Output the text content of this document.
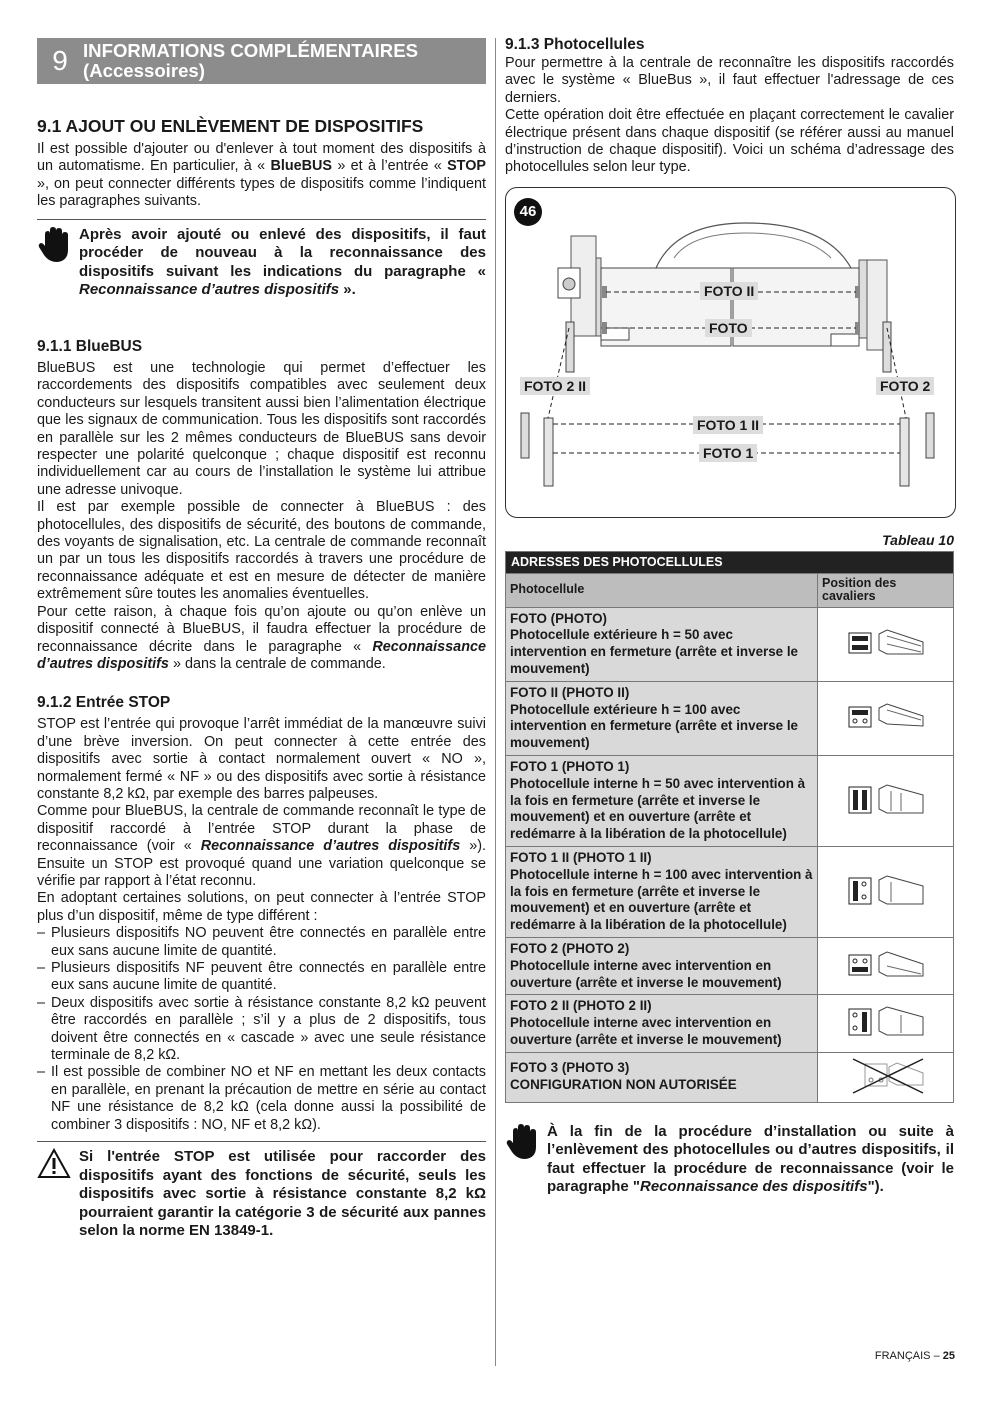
9 INFORMATIONS COMPLÉMENTAIRES
(Accessoires)
9.1 AJOUT OU ENLÈVEMENT DE DISPOSITIFS

Il est possible d'ajouter ou d'enlever à tout moment des dispositifs à un automatisme. En particulier, à « BlueBUS » et à l’entrée « STOP », on peut connecter différents types de dispositifs comme l’indiquent les paragraphes suivants.

Après avoir ajouté ou enlevé des dispositifs, il faut procéder de nouveau à la reconnaissance des dispositifs suivant les indications du paragraphe « Reconnaissance d’autres dispositifs ».
9.1.1 BlueBUS

BlueBUS est une technologie qui permet d’effectuer les raccordements des dispositifs compatibles avec seulement deux conducteurs sur lesquels transitent aussi bien l’alimentation électrique que les signaux de communication. Tous les dispositifs sont raccordés en parallèle sur les 2 mêmes conducteurs de BlueBUS sans devoir respecter une polarité quelconque ; chaque dispositif est reconnu individuellement car au cours de l’installation le système lui attribue une adresse univoque.

Il est par exemple possible de connecter à BlueBUS : des photocellules, des dispositifs de sécurité, des boutons de commande, des voyants de signalisation, etc. La centrale de commande reconnaît un par un tous les dispositifs raccordés à travers une procédure de reconnaissance adéquate et est en mesure de détecter de manière extrêmement sûre toutes les anomalies éventuelles.

Pour cette raison, à chaque fois qu’on ajoute ou qu’on enlève un dispositif connecté à BlueBUS, il faudra effectuer la procédure de reconnaissance décrite dans le paragraphe « Reconnaissance d’autres dispositifs » dans la centrale de commande.

9.1.2 Entrée STOP

STOP est l’entrée qui provoque l’arrêt immédiat de la manœuvre suivi d’une brève inversion. On peut connecter à cette entrée des dispositifs avec sortie à contact normalement ouvert « NO », normalement fermé « NF » ou des dispositifs avec sortie à résistance constante 8,2 kΩ, par exemple des barres palpeuses.

Comme pour BlueBUS, la centrale de commande reconnaît le type de dispositif raccordé à l’entrée STOP durant la phase de reconnaissance (voir « Reconnaissance d’autres dispositifs »). Ensuite un STOP est provoqué quand une variation quelconque se vérifie par rapport à l’état reconnu.

En adoptant certaines solutions, on peut connecter à l’entrée STOP plus d’un dispositif, même de type différent :

– Plusieurs dispositifs NO peuvent être connectés en parallèle entre eux sans aucune limite de quantité.
– Plusieurs dispositifs NF peuvent être connectés en parallèle entre eux sans aucune limite de quantité.
– Deux dispositifs avec sortie à résistance constante 8,2 kΩ peuvent être raccordés en parallèle ; s’il y a plus de 2 dispositifs, tous doivent être connectés en « cascade » avec une seule résistance terminale de 8,2 kΩ.
– Il est possible de combiner NO et NF en mettant les deux contacts en parallèle, en prenant la précaution de mettre en série au contact NF une résistance de 8,2 kΩ (cela donne aussi la possibilité de combiner 3 dispositifs : NO, NF et 8,2 kΩ).
Si l'entrée STOP est utilisée pour raccorder des dispositifs ayant des fonctions de sécurité, seuls les dispositifs avec sortie à résistance constante 8,2 kΩ pourraient garantir la catégorie 3 de sécurité aux pannes selon la norme EN 13849-1.
9.1.3 Photocellules

Pour permettre à la centrale de reconnaître les dispositifs raccordés avec le système « BlueBus », il faut effectuer l'adressage de ces derniers.

Cette opération doit être effectuée en plaçant correctement le cavalier électrique présent dans chaque dispositif (se référer aussi au manuel d’instruction de chaque dispositif). Voici un schéma d’adressage des photocellules selon leur type.

46
FOTO II
FOTO
FOTO 2 II	FOTO 2
FOTO 1 II
FOTO 1
Tableau 10
ADRESSES DES PHOTOCELLULES	
Photocellule	Position des cavaliers

FOTO (PHOTO)
Photocellule extérieure h = 50 avec intervention en fermeture (arrête et inverse le mouvement)

FOTO II (PHOTO II)
Photocellule extérieure h = 100 avec intervention en fermeture (arrête et inverse le mouvement)

FOTO 1 (PHOTO 1)
Photocellule interne h = 50 avec intervention à la fois en fermeture (arrête et inverse le mouvement) et en ouverture (arrête et redémarre à la libération de la photocellule)

FOTO 1 II (PHOTO 1 II)
Photocellule interne h = 100 avec intervention à la fois en fermeture (arrête et inverse le mouvement) et en ouverture (arrête et redémarre à la libération de la photocellule)

FOTO 2 (PHOTO 2)
Photocellule interne avec intervention en ouverture (arrête et inverse le mouvement)

FOTO 2 II (PHOTO 2 II)
Photocellule interne avec intervention en ouverture (arrête et inverse le mouvement)

FOTO 3 (PHOTO 3)
CONFIGURATION NON AUTORISÉE

À la fin de la procédure d’installation ou suite à l’enlèvement des photocellules ou d’autres dispositifs, il faut effectuer la procédure de reconnaissance (voir le paragraphe "Reconnaissance des dispositifs").
FRANÇAIS – 25
